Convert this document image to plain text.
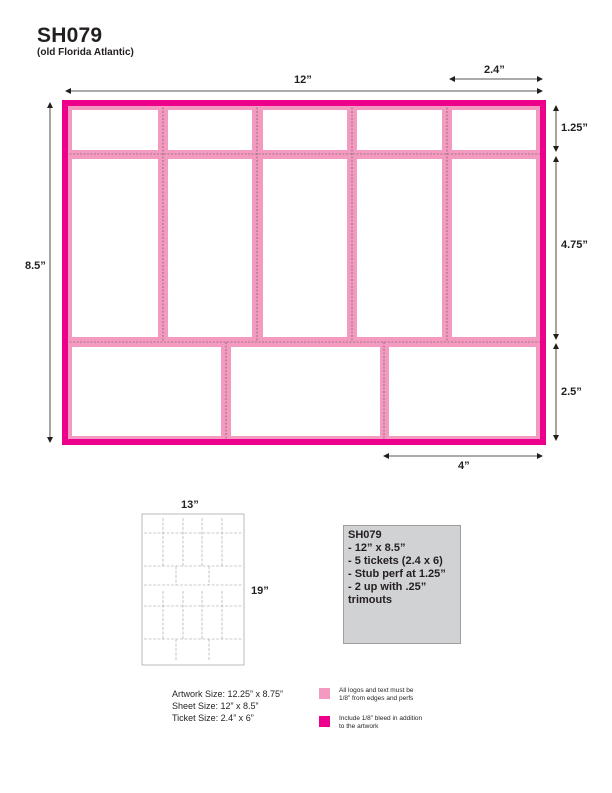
SH079
(old Florida Atlantic)
12”
2.4”
8.5”
1.25”
4.75”
2.5”
4”
13”
19”
SH079
- 12” x 8.5”
- 5 tickets (2.4 x 6)
- Stub perf at 1.25”
- 2 up with .25”
trimouts
Artwork Size: 12.25” x 8.75”
Sheet Size: 12” x 8.5”
Ticket Size: 2.4” x 6”
All logos and text must be
1/8” from edges and perfs
Include 1/8” bleed in addition
to the artwork
